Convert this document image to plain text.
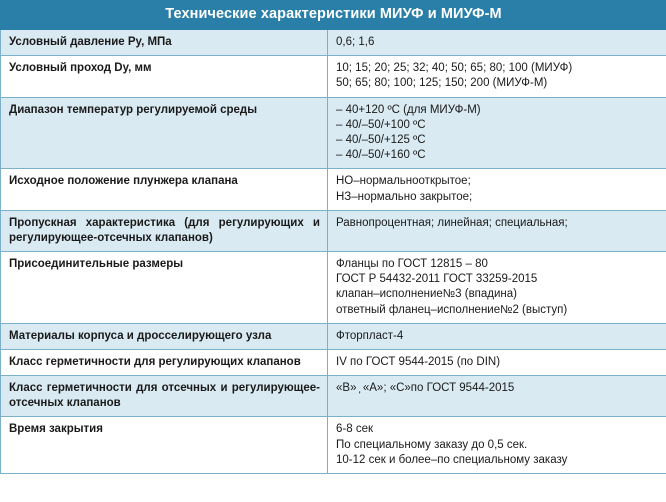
Технические характеристики МИУФ и МИУФ-М	
Условный давление Ру, МПа	0,6; 1,6

Условный проход Dy, мм	10; 15; 20; 25; 32; 40; 50; 65; 80; 100 (МИУФ)
50; 65; 80; 100; 125; 150; 200 (МИУФ-М)

Диапазон температур регулируемой среды	– 40+120 ºС (для МИУФ-М)
– 40/–50/+100 ºС
– 40/–50/+125 ºС
– 40/–50/+160 ºС

Исходное положение плунжера клапана	НО–нормальнооткрытое;
НЗ–нормально закрытое;

Пропускная характеристика (для регулирующих и регулирующее-отсечных клапанов)	Равнопроцентная; линейная; специальная;

Присоединительные размеры	Фланцы по ГОСТ 12815 – 80
ГОСТ Р 54432-2011 ГОСТ 33259-2015
клапан–исполнение№3 (впадина)
ответный фланец–исполнение№2 (выступ)

Материалы корпуса и дросселирующего узла	Фторпласт-4

Класс герметичности для регулирующих клапанов	IV по ГОСТ 9544-2015 (по DIN)

Класс герметичности для отсечных и регулирующее-отсечных клапанов	«В» ̦ «А»; «С»по ГОСТ 9544-2015

Время закрытия	6-8 сек
По специальному заказу до 0,5 сек.
10-12 сек и более–по специальному заказу
